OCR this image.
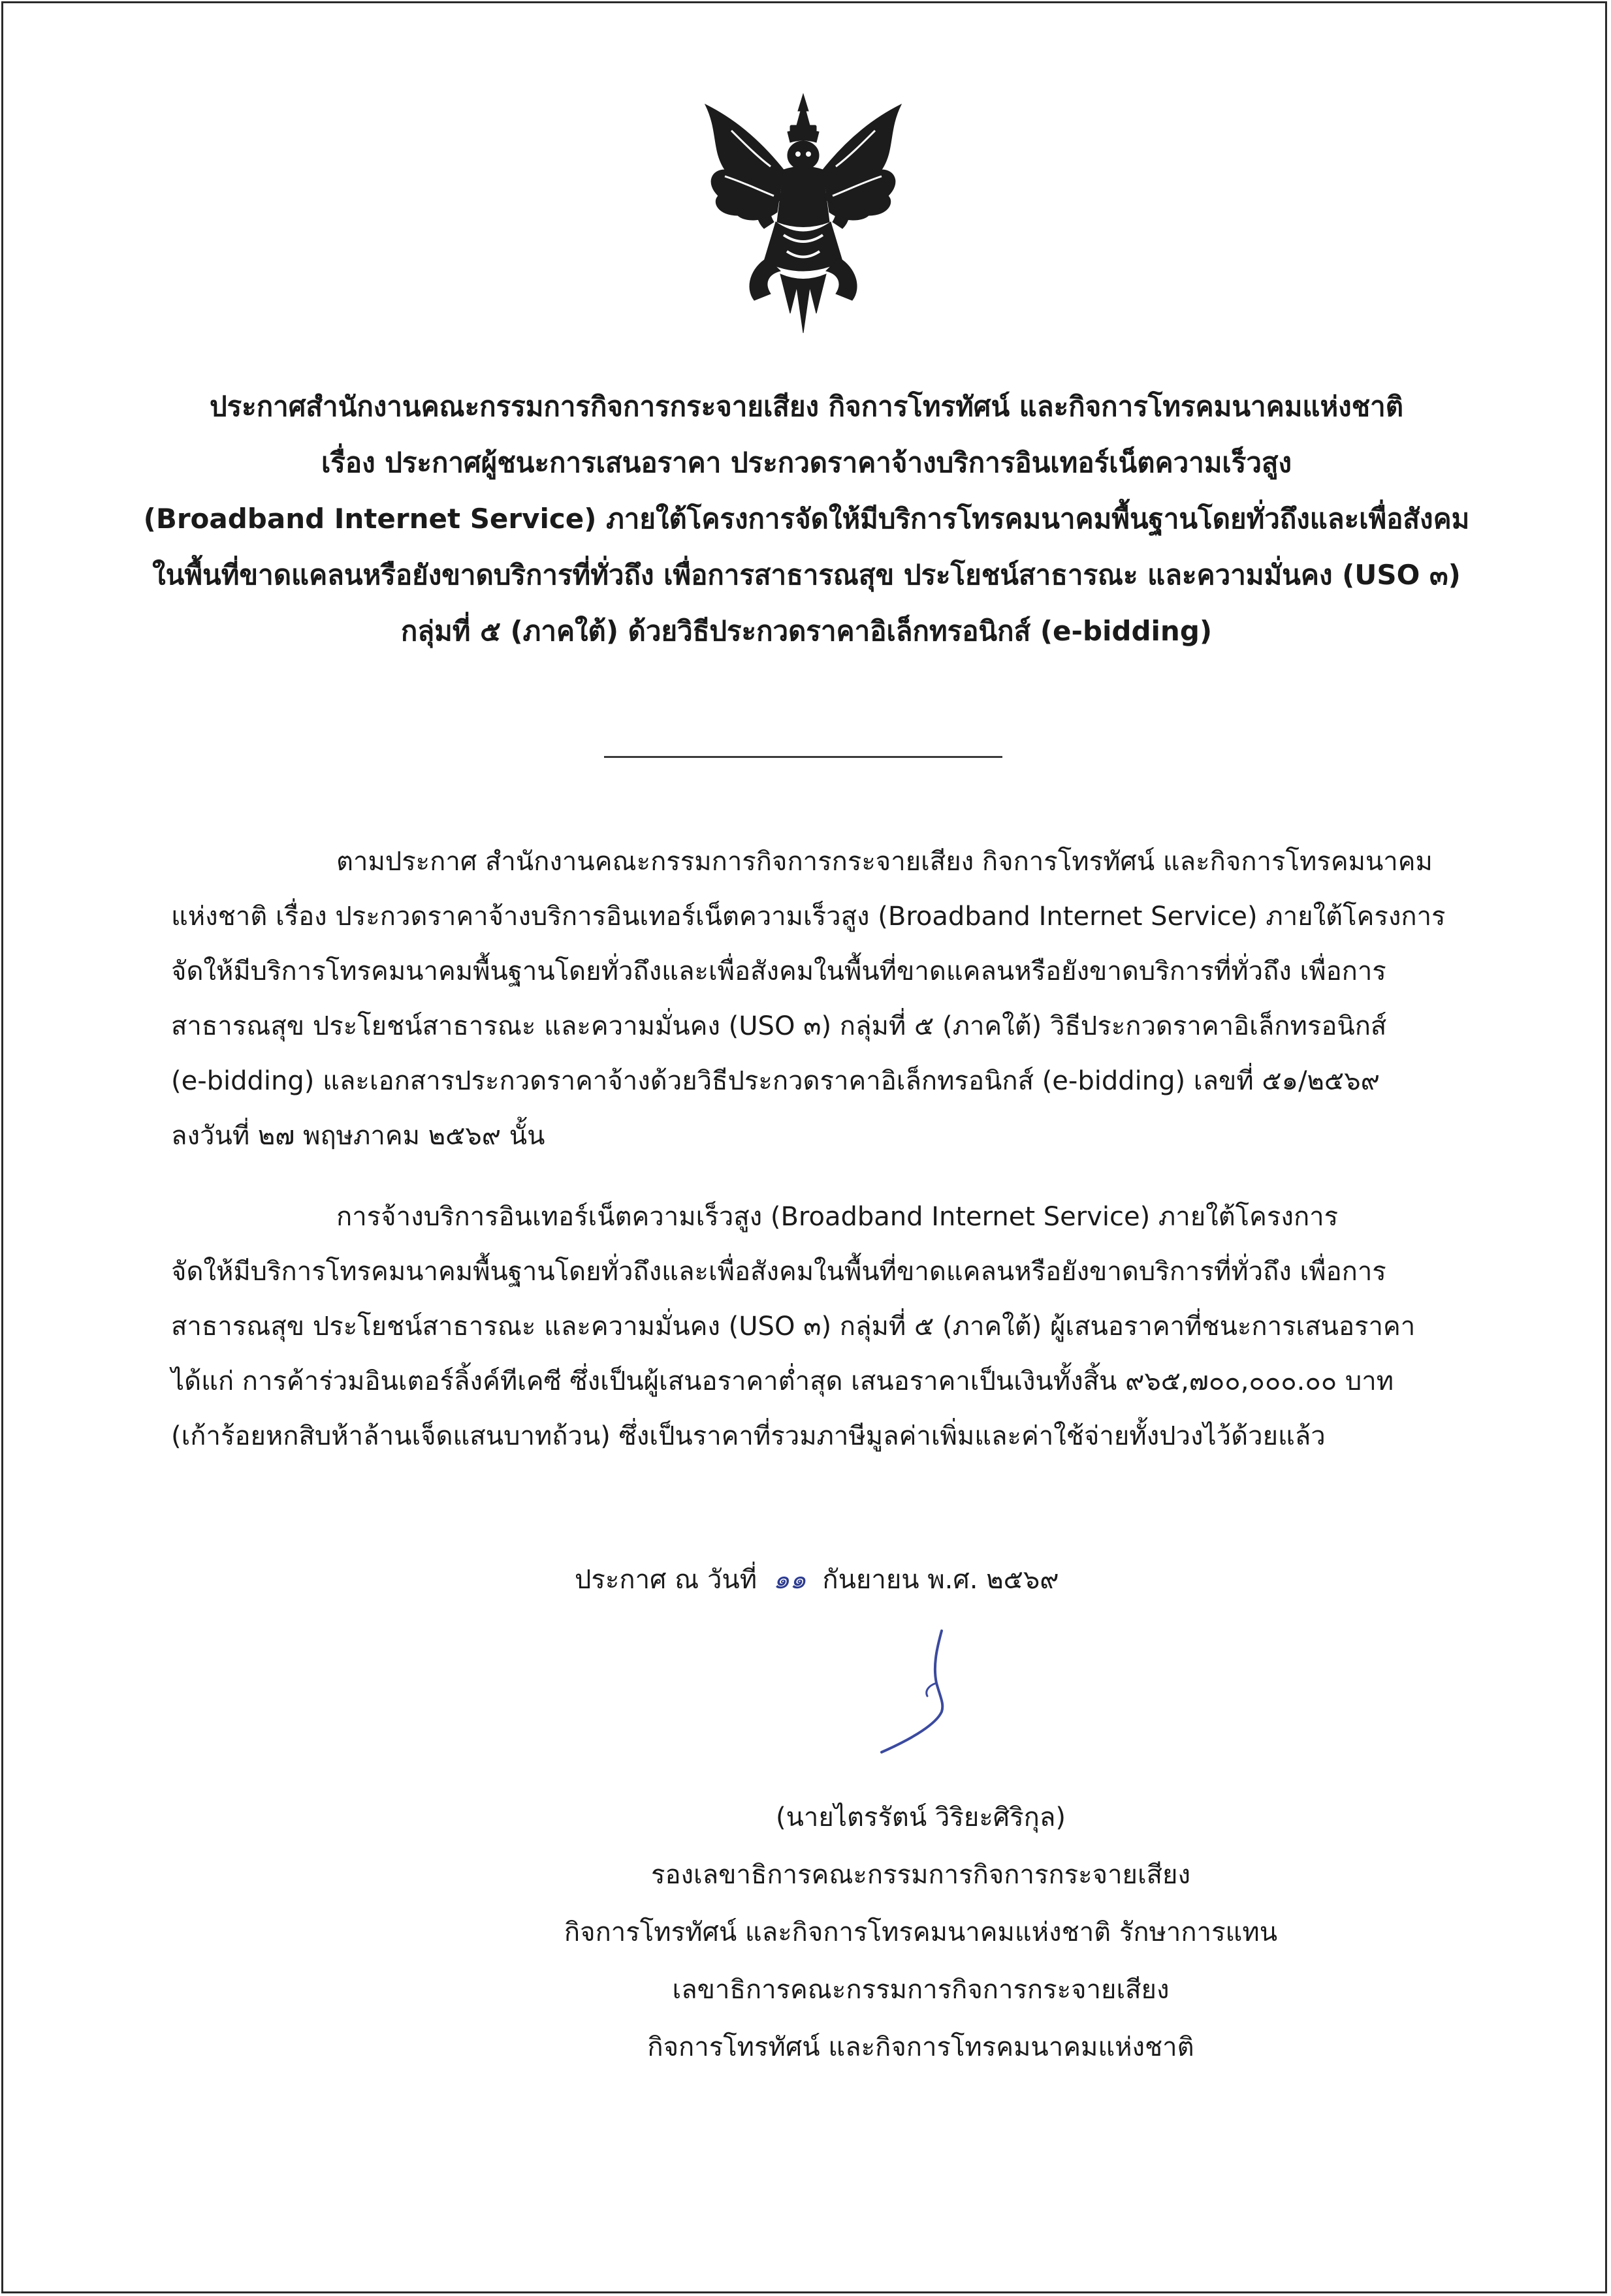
ประกาศสำนักงานคณะกรรมการกิจการกระจายเสียง กิจการโทรทัศน์ และกิจการโทรคมนาคมแห่งชาติ
เรื่อง ประกาศผู้ชนะการเสนอราคา ประกวดราคาจ้างบริการอินเทอร์เน็ตความเร็วสูง
(Broadband Internet Service) ภายใต้โครงการจัดให้มีบริการโทรคมนาคมพื้นฐานโดยทั่วถึงและเพื่อสังคม
ในพื้นที่ขาดแคลนหรือยังขาดบริการที่ทั่วถึง เพื่อการสาธารณสุข ประโยชน์สาธารณะ และความมั่นคง (USO ๓)
กลุ่มที่ ๕ (ภาคใต้) ด้วยวิธีประกวดราคาอิเล็กทรอนิกส์ (e-bidding)
ตามประกาศ สำนักงานคณะกรรมการกิจการกระจายเสียง กิจการโทรทัศน์ และกิจการโทรคมนาคม
แห่งชาติ เรื่อง ประกวดราคาจ้างบริการอินเทอร์เน็ตความเร็วสูง (Broadband Internet Service) ภายใต้โครงการ
จัดให้มีบริการโทรคมนาคมพื้นฐานโดยทั่วถึงและเพื่อสังคมในพื้นที่ขาดแคลนหรือยังขาดบริการที่ทั่วถึง เพื่อการ
สาธารณสุข ประโยชน์สาธารณะ และความมั่นคง (USO ๓) กลุ่มที่ ๕ (ภาคใต้) วิธีประกวดราคาอิเล็กทรอนิกส์
(e-bidding) และเอกสารประกวดราคาจ้างด้วยวิธีประกวดราคาอิเล็กทรอนิกส์ (e-bidding) เลขที่ ๕๑/๒๕๖๙
ลงวันที่ ๒๗ พฤษภาคม ๒๕๖๙ นั้น
การจ้างบริการอินเทอร์เน็ตความเร็วสูง (Broadband Internet Service) ภายใต้โครงการ
จัดให้มีบริการโทรคมนาคมพื้นฐานโดยทั่วถึงและเพื่อสังคมในพื้นที่ขาดแคลนหรือยังขาดบริการที่ทั่วถึง เพื่อการ
สาธารณสุข ประโยชน์สาธารณะ และความมั่นคง (USO ๓) กลุ่มที่ ๕ (ภาคใต้) ผู้เสนอราคาที่ชนะการเสนอราคา
ได้แก่ การค้าร่วมอินเตอร์ลิ้งค์ทีเคซี ซึ่งเป็นผู้เสนอราคาต่ำสุด เสนอราคาเป็นเงินทั้งสิ้น ๙๖๕,๗๐๐,๐๐๐.๐๐ บาท
(เก้าร้อยหกสิบห้าล้านเจ็ดแสนบาทถ้วน) ซึ่งเป็นราคาที่รวมภาษีมูลค่าเพิ่มและค่าใช้จ่ายทั้งปวงไว้ด้วยแล้ว
ประกาศ ณ วันที่ ๑๑ กันยายน พ.ศ. ๒๕๖๙
(นายไตรรัตน์ วิริยะศิริกุล)
รองเลขาธิการคณะกรรมการกิจการกระจายเสียง
กิจการโทรทัศน์ และกิจการโทรคมนาคมแห่งชาติ รักษาการแทน
เลขาธิการคณะกรรมการกิจการกระจายเสียง
กิจการโทรทัศน์ และกิจการโทรคมนาคมแห่งชาติ
